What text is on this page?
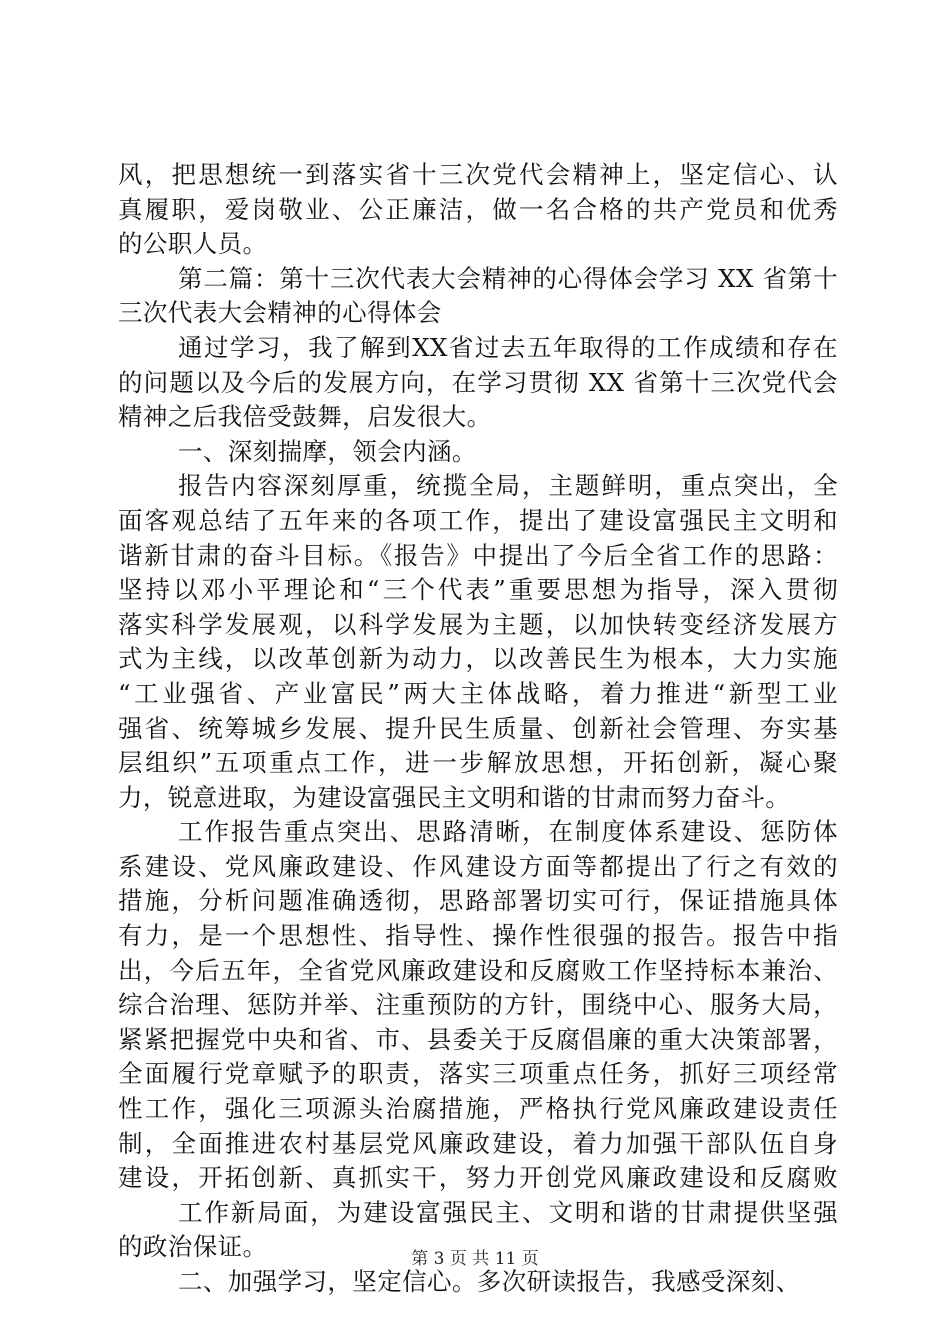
风，把思想统一到落实省十三次党代会精神上，坚定信心、认
真履职，爱岗敬业、公正廉洁，做一名合格的共产党员和优秀
的公职人员。
第二篇：第十三次代表大会精神的心得体会学习 XX 省第十
三次代表大会精神的心得体会
通过学习，我了解到XX省过去五年取得的工作成绩和存在
的问题以及今后的发展方向，在学习贯彻 XX 省第十三次党代会
精神之后我倍受鼓舞，启发很大。
一、深刻揣摩，领会内涵。
报告内容深刻厚重，统揽全局，主题鲜明，重点突出，全
面客观总结了五年来的各项工作，提出了建设富强民主文明和
谐新甘肃的奋斗目标。《报告》中提出了今后全省工作的思路：
坚持以邓小平理论和“三个代表”重要思想为指导，深入贯彻
落实科学发展观，以科学发展为主题，以加快转变经济发展方
式为主线，以改革创新为动力，以改善民生为根本，大力实施
“工业强省、产业富民”两大主体战略，着力推进“新型工业
强省、统筹城乡发展、提升民生质量、创新社会管理、夯实基
层组织”五项重点工作，进一步解放思想，开拓创新，凝心聚
力，锐意进取，为建设富强民主文明和谐的甘肃而努力奋斗。
工作报告重点突出、思路清晰，在制度体系建设、惩防体
系建设、党风廉政建设、作风建设方面等都提出了行之有效的
措施，分析问题准确透彻，思路部署切实可行，保证措施具体
有力，是一个思想性、指导性、操作性很强的报告。报告中指
出，今后五年，全省党风廉政建设和反腐败工作坚持标本兼治、
综合治理、惩防并举、注重预防的方针，围绕中心、服务大局，
紧紧把握党中央和省、市、县委关于反腐倡廉的重大决策部署，
全面履行党章赋予的职责，落实三项重点任务，抓好三项经常
性工作，强化三项源头治腐措施，严格执行党风廉政建设责任
制，全面推进农村基层党风廉政建设，着力加强干部队伍自身
建设，开拓创新、真抓实干，努力开创党风廉政建设和反腐败
工作新局面，为建设富强民主、文明和谐的甘肃提供坚强
的政治保证。
二、加强学习，坚定信心。多次研读报告，我感受深刻、
第 3 页 共 11 页
